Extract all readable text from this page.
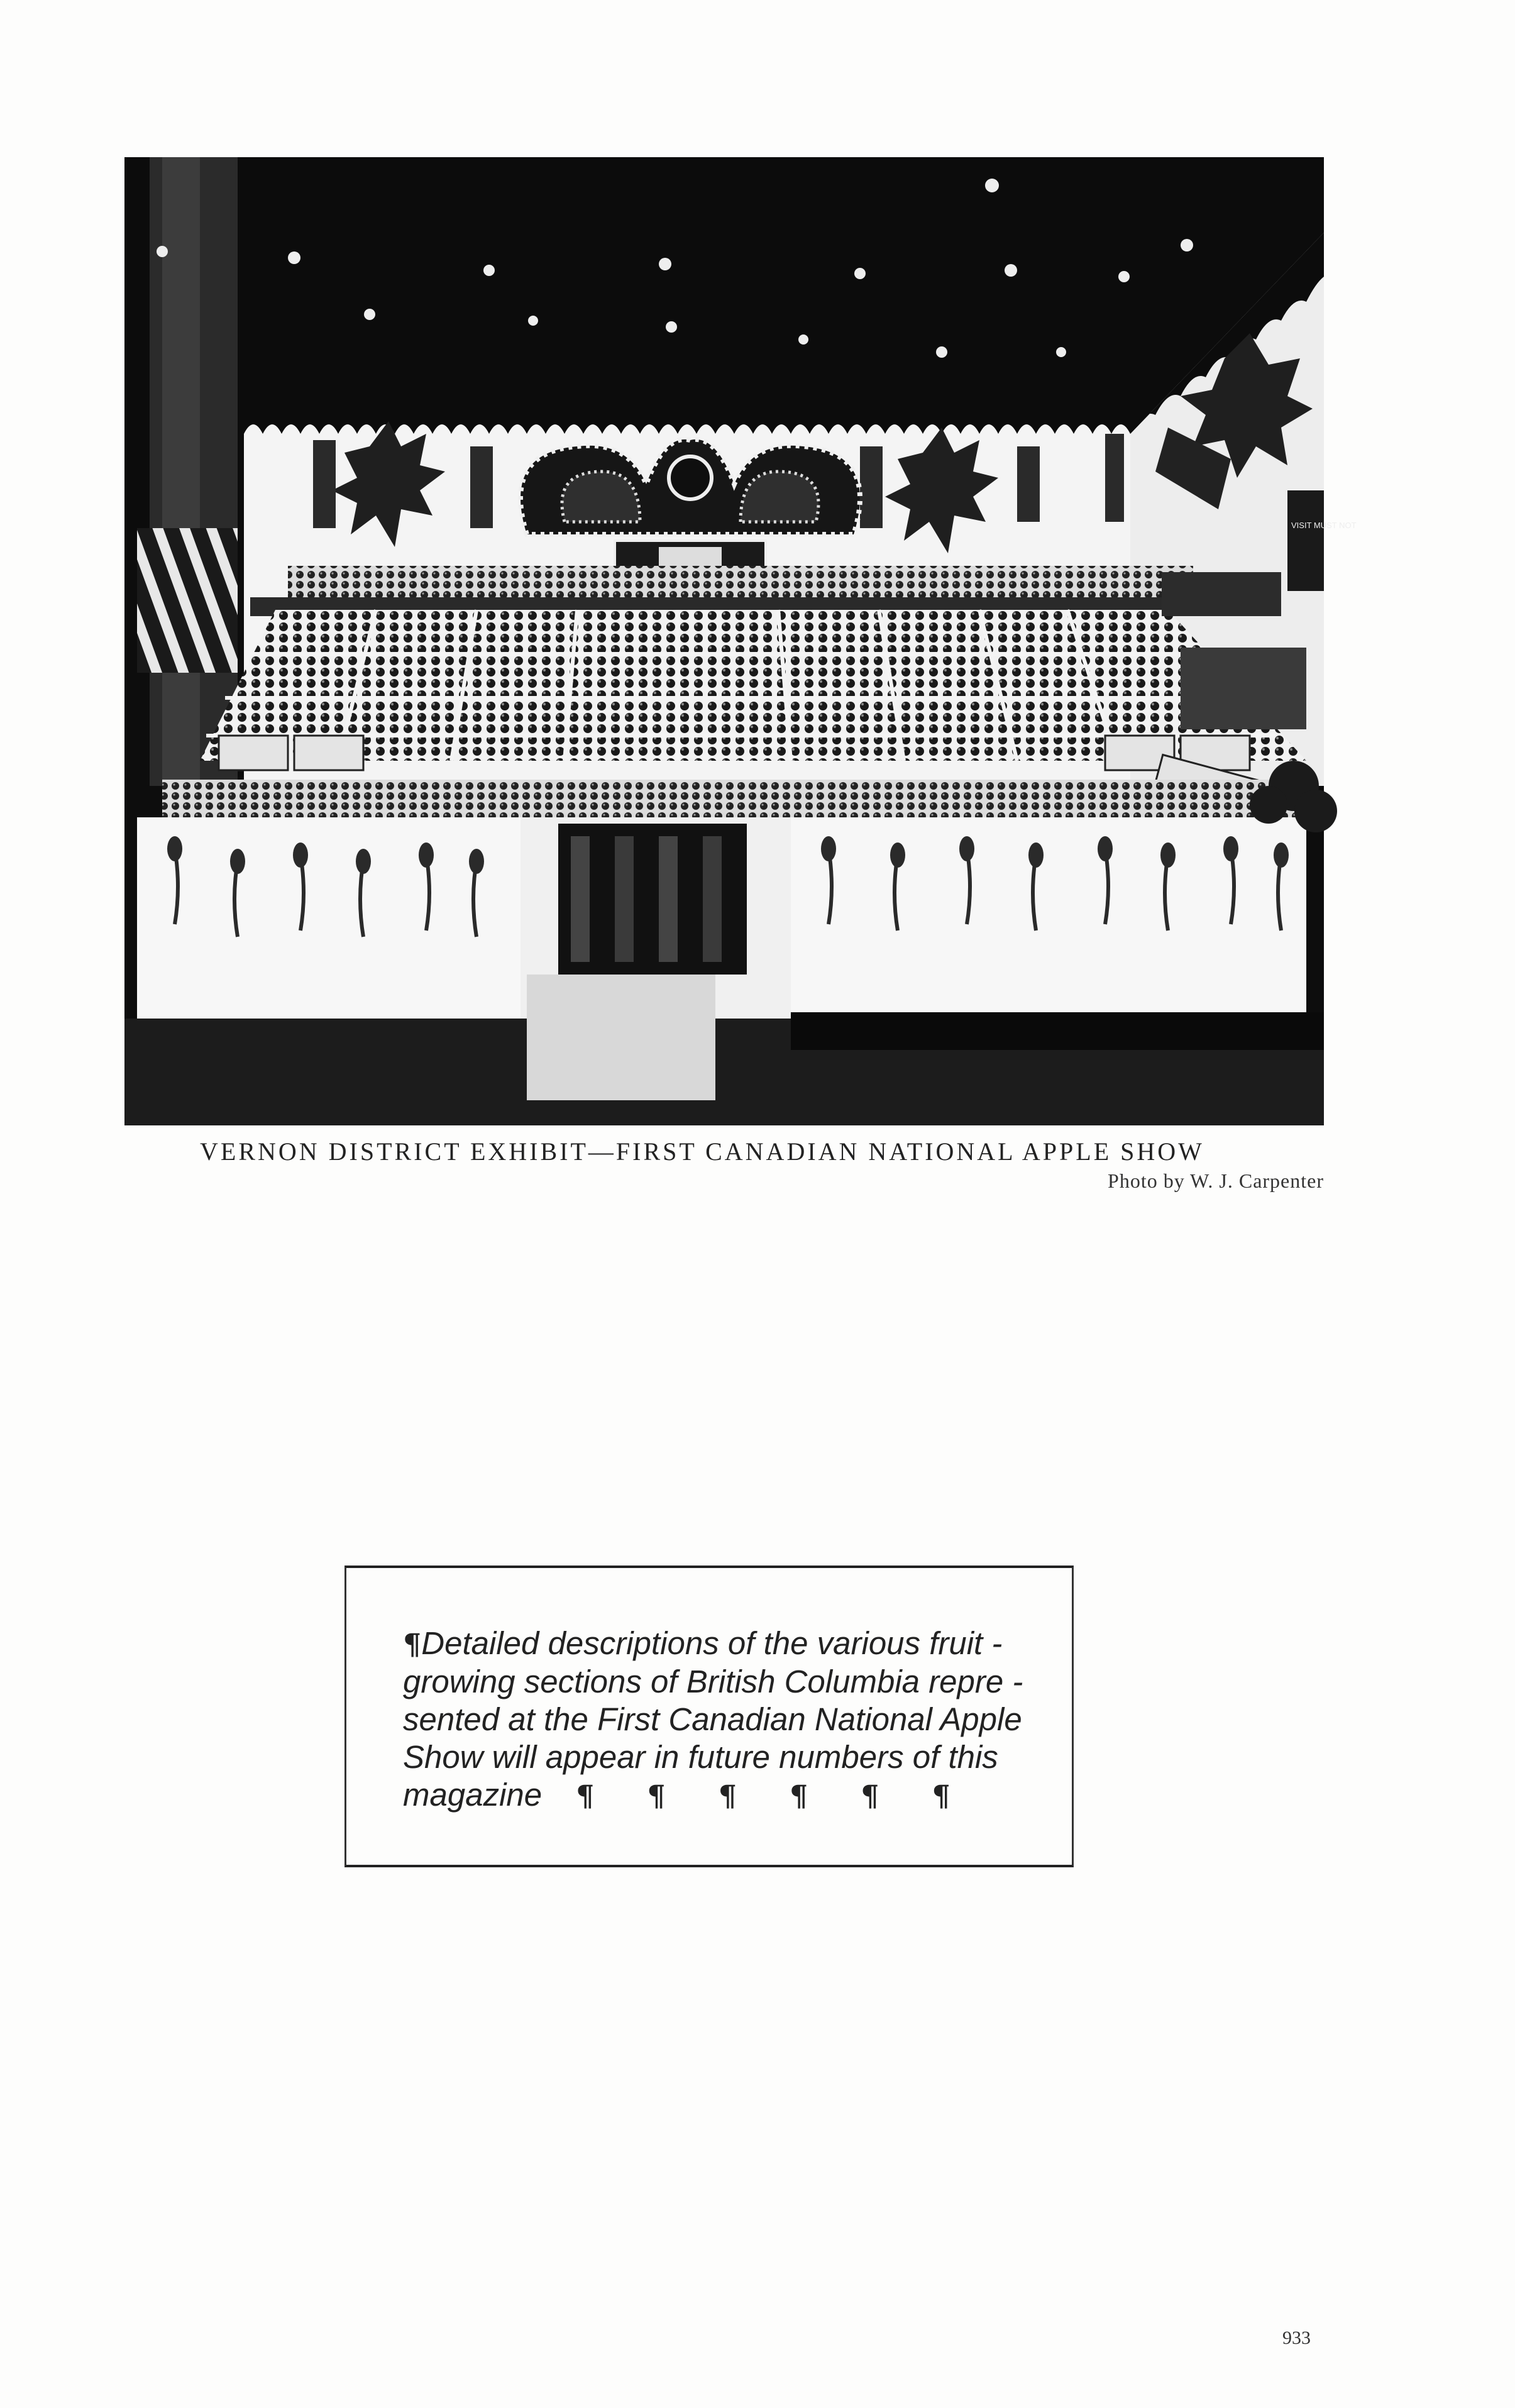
VISIT MUST NOT
VERNON DISTRICT EXHIBIT—FIRST CANADIAN NATIONAL APPLE SHOW
Photo by W. J. Carpenter
¶Detailed descriptions of the various fruit -
growing sections of British Columbia repre -
sented at the First Canadian National Apple
Show will appear in future numbers of this
magazine ¶ ¶ ¶ ¶ ¶ ¶
933
